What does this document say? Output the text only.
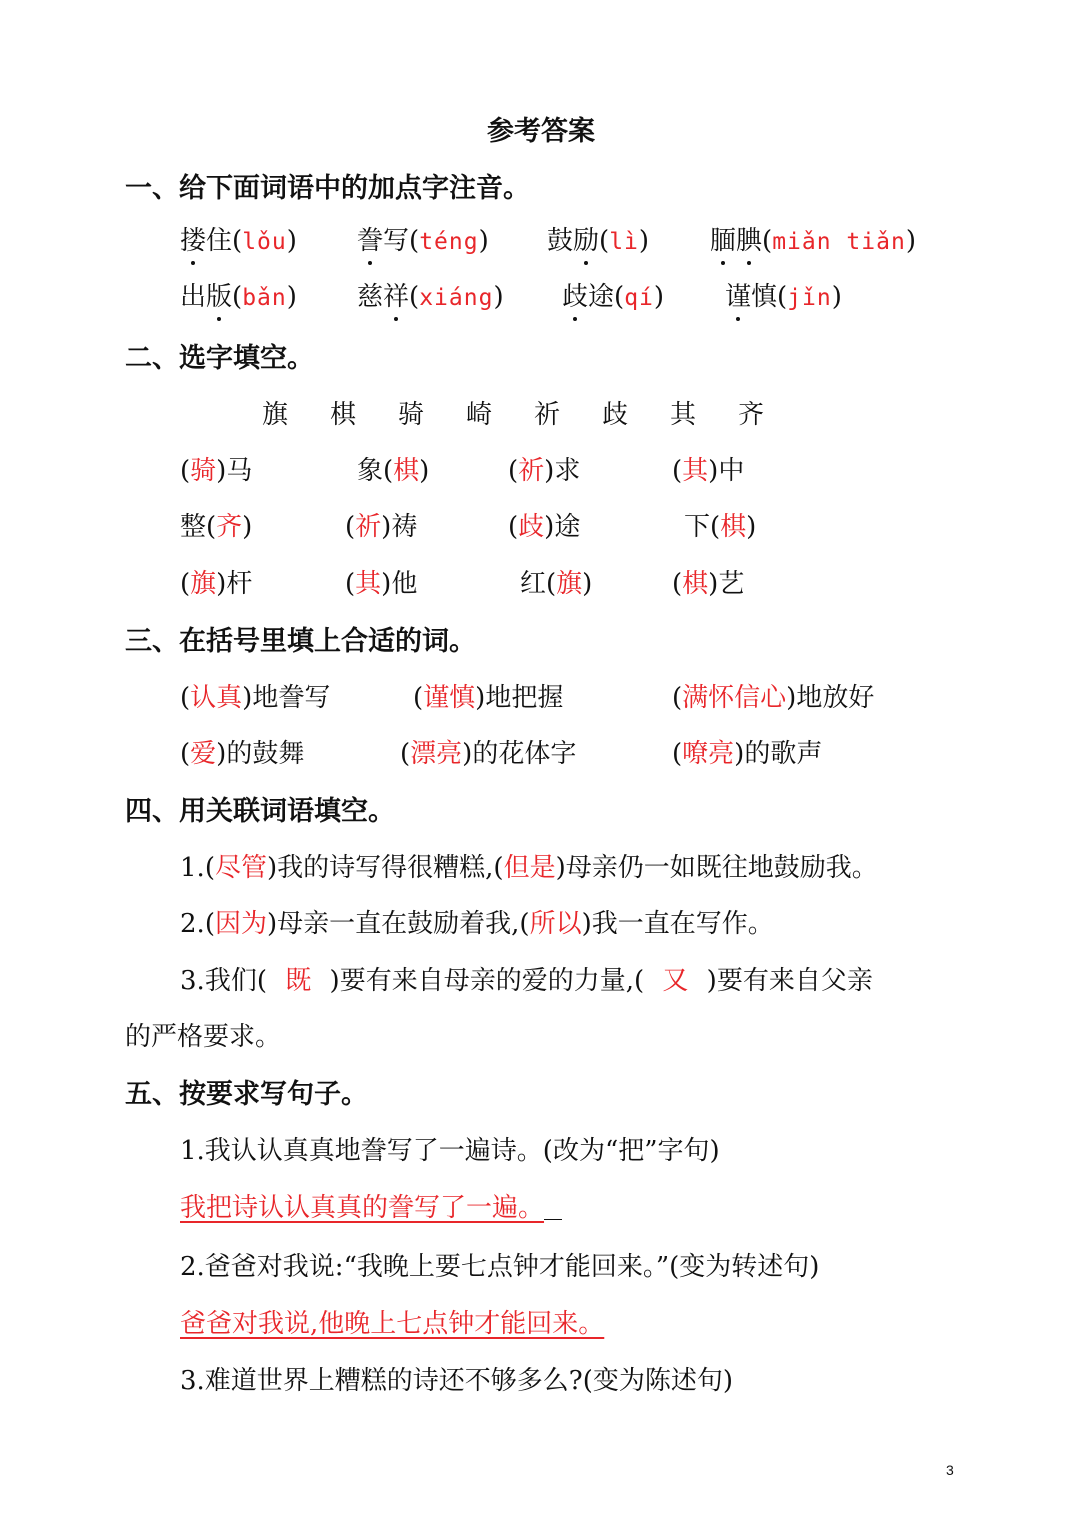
参考答案
一、给下面词语中的加点字注音。
搂住(lǒu) 誊写(téng) 鼓励(lì) 腼腆(miǎn tiǎn)
出版(bǎn) 慈祥(xiáng) 歧途(qí) 谨慎(jǐn)
二、选字填空。
旗 棋 骑 崎 祈 歧 其 齐
(骑)马	象(棋)	(祈)求	(其)中
整(齐)	(祈)祷	(歧)途	下(棋)
(旗)杆	(其)他	红(旗)	(棋)艺
三、在括号里填上合适的词。
(认真)地誊写	(谨慎)地把握	(满怀信心)地放好
(爱)的鼓舞	(漂亮)的花体字	(嘹亮)的歌声
四、用关联词语填空。
1.(尽管)我的诗写得很糟糕,(但是)母亲仍一如既往地鼓励我。
2.(因为)母亲一直在鼓励着我,(所以)我一直在写作。
3.我们( 既 )要有来自母亲的爱的力量,( 又 )要有来自父亲
的严格要求。
五、按要求写句子。
1.我认认真真地誊写了一遍诗。(改为“把”字句)
我把诗认认真真的誊写了一遍。
2.爸爸对我说:“我晚上要七点钟才能回来。”(变为转述句)
爸爸对我说,他晚上七点钟才能回来。
3.难道世界上糟糕的诗还不够多么?(变为陈述句)
3
